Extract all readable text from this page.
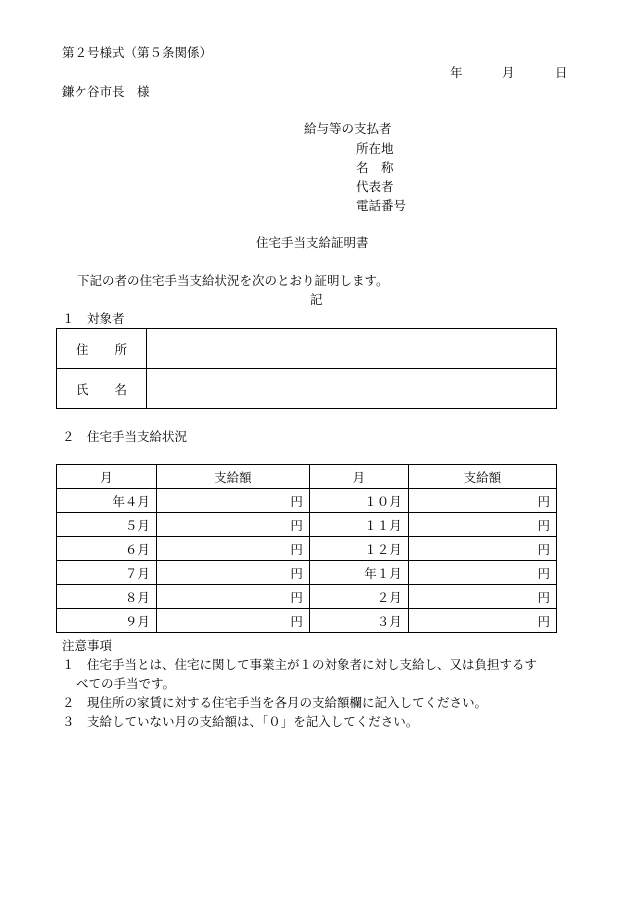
第２号様式（第５条関係）
年	月	日
鎌ケ谷市長　様
給与等の支払者
所在地
名　称
代表者
電話番号
住宅手当支給証明書
下記の者の住宅手当支給状況を次のとおり証明します。
記
１　対象者
住所	
氏名	
２　住宅手当支給状況
月	支給額	月	支給額
年４月	円	１０月	円
５月	円	１１月	円
６月	円	１２月	円
７月	円	年１月	円
８月	円	２月	円
９月	円	３月	円
注意事項
１　住宅手当とは、住宅に関して事業主が１の対象者に対し支給し、又は負担するす
べての手当です。
２　現住所の家賃に対する住宅手当を各月の支給額欄に記入してください。
３　支給していない月の支給額は、「０」を記入してください。
